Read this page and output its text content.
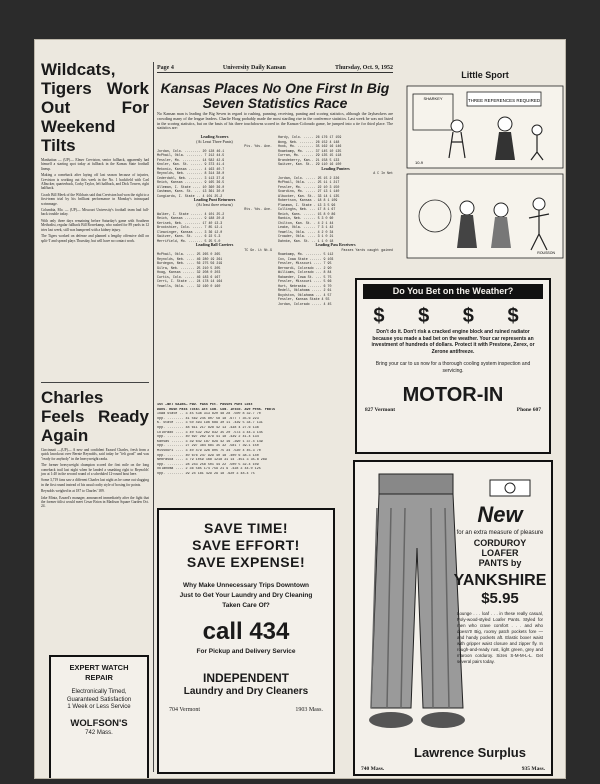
Page 4	University Daily Kansan	Thursday, Oct. 9, 1952
Wildcats, Tigers Work Out For Weekend Tilts

Manhattan — (UP)— Elmer Creviston, senior fullback, apparently had himself a starting spot today at fullback in the Kansas State football lineup.

Making a comeback after laying off last season because of injuries, Creviston is working out this week in the No. 1 backfield with Carl Albucker, quarterback, Corky Taylor, left halfback, and Dick Towers, right halfback.

Coach Bill Meek of the Wildcats said that Creviston had won the right to a first-team trial by his brilliant performance in Monday's intrasquad scrimmage.

Columbia, Mo. — (UP)— Missouri University's football team had full-back trouble today.

With only three days remaining before Saturday's game with Southern Methodist, regular fullback Bill Rowekamp, who rushed for 89 yards in 12 tries last week, still was hampered with a kidney injury.

The Tigers worked on defense and planned a lengthy offensive drill on split-T and spread plays Thursday, but will have no contact work.

Charles Feels Ready Again

Cincinnati —(UP)— A new and confident Ezzard Charles, fresh from a quick knockout over Bernie Reynolds, said today he "felt good" and was "ready for anybody" in the heavyweight ranks.

The former heavyweight champion scored the first mile on the long comeback trail last night when he landed a smashing right to Reynolds' jaw at 1:40 in the second round of a scheduled 12-round bout here.

Some 3,719 fans saw a different Charles last night as he came out slugging in the first round instead of his usual crafty style of boxing for points.

Reynolds weighed in at 187 to Charles' 189.

Jake Mintz, Ezzard's manager, announced immediately after the fight that the former titlist would meet Cesar Brion in Madison Square Garden Oct. 24.

EXPERT WATCH
REPAIR
Electronically Timed,
Guaranteed Satisfaction
1 Week or Less Service
WOLFSON'S
742 Mass.
Kansas Places No One First In Big Seven Statistics Race
No Kansan man is leading the Big Seven in regard to rushing, punning, receiving, punting and scoring statistics, although the Jayhawkers are crowding many of the league leaders. Charlie Hoag probably made the most startling rise in the conference statistics. Last week he was not listed in the scoring statistics, but on the basis of his three touchdowns scored in the Kansas-Colorado game, he jumped into a tie for third place. The statistics are:
Leading Scorers
(At Least Three Punts)
Pts. Yds. Ave.
Jordan, Colo. ........ 20 128 46.1
McPhail, Okla. ........ 7 212 44.5
Fessler, Mo. ......... 14 582 42.9
Knoler, Kan. St. ...... 9 373 41.4
Mekonic, Kansas ....... 4 163 40.7
Reynolds, Neb. ........ 8 314 38.0
Cederdahl, Neb. ....... 3 113 37.6
Reich, Kansas ......... 9 165 36.5
Alleman, I. State .... 10 360 36.0
Cashman, Kans. St. ... 13 361 30.0
Cungiardo, I. State .. 4 101 25.2
Leading Punt Returners
(At least three returns)
Rts. Yds. Ave.
Walker, I. State ...... 4 101 25.2
Reich, Kansas ......... 9 188 20.8
Kerisek, Neb. ........ 17 40 13.3
Brookshier, Colo. ..... 7 85 12.1
Cleavinger, Kansas .... 3 36 12.0
Switzer, Kans. St. .... 6 22 5.3
Merrifield, Mo. ....... 5 25 5.0
Leading Ball Carriers
TC Gn. Lt Nt.G
McPhail, Okla. .... 25 265 0 265
Reynolds, Neb. .... 46 280 19 261
Burdegon, Neb. .... 56 275 56 219
Gilra, Neb. ....... 25 210 5 205
Hoag, Kansas ...... 32 208 0 203
Curtis, Colo. ..... 46 183 6 167
Cerri, I. State ... 24 178 14 164
Yewells, Okla. .... 32 160 0 160
Hardy, Colo. ..... 26 176 17 159
Wong, Neb. ....... 26 152 4 148
Hook, Mo. ........ 35 162 16 146
Rowekamp, Mo. .... 37 145 10 135
Curran, Mo. ...... 29 135 15 118
Brandeberry, Kan.. 21 158 5 133
Switzer, Kan. St.. 29 110 16 100
Leading Punters
A C In Net
Jordan, Colo. ..... 25 15 2 226
McPhail, Okla. .... 25 11 1 217
Fessler, Mo. ...... 22 10 3 150
Scardino, Mo. ..... 27 13 1 140
Albucker, Kan. St.. 33 14 1 135
Robertson, Kansas . 18 8 1 109
Plasman, I. State . 13 3 5 96
Cullinghs, Neb. ... 17 8 1 67
Reich, Kans. ...... 15 8 0 86
Rankin, Neb. ...... 5 3 0 60
Chilton, Kan. St. . 4 2 1 44
Leake, Okla. ...... 7 3 1 42
Yewells, Okla. .... 4 2 0 34
Crowder, Okla. .... 3 1 0 21
Dahnke, Kan. St. .. 1 1 0 18
Leading Pass Receivers
Passes Yards caught gained
Rowekamp, Mo. ........ 5 112
Cox, Iowa State ...... 9 103
Fessler, Missouri .... 7 95
Bernardi, Colorado ... 2 90
Williams, Colorado ... 8 84
Rakweder, Iowa St. ... 5 75
Fessler, Missouri .... 5 66
Hurt, Nebraska ....... 6 70
Redell, Oklahoma ..... 2 61
Boydston, Oklahoma ... 4 57
Fessler, Kansas State 4 55
Jordan, Colorado ..... 4 45
1st —NET GAINS— FWD. PASS Pct. Passes Punt Lost
Dwns. Rush Pass Total Att Com. Com. Intcd. Ave Pens. Fmbls
Iowa State .. 3 45 536 313 820 48 28 .500 8 32.7 70
Opp. ........ 41 562 245 807 58 18 .677 7 35.6 223
K. State .... 3 50 493 196 689 30 11 .439 5 34.7 131
Opp. ........ 48 611 217 828 42 13 .438 4 27.6 136
Colorado .... 3 40 532 262 832 35 20 .573 3 44.3 145
Opp. ........ 40 697 282 979 41 18 .439 2 41.4 134
Kansas ...... 3 39 642 187 829 42 16 .390 1 37.4 149
Opp. ........ 27 297 384 681 35 32 .581 7 39.1 150
Missouri .... 3 40 479 326 805 75 34 .530 4 45.3 70
Opp. ........ 40 676 247 929 40 18 .400 6 38.3 140
Nebraska .... 3 79 1059 168 1218 31 14 .451 3 35.8 289
Opp. ........ 28 243 258 501 44 22 .500 5 32.4 109
Oklahoma .... 2 36 585 174 759 21 9 .428 3 44.0 125
Opp. ........ 29 24 181 429 29 18 .620 3 48.4 75
SAVE TIME!
SAVE EFFORT!
SAVE EXPENSE!
Why Make Unnecessary Trips Downtown Just to Get Your Laundry and Dry Cleaning Taken Care Of?
call 434
For Pickup and Delivery Service
INDEPENDENT
Laundry and Dry Cleaners
704 Vermont	1903 Mass.
Little Sport
THREE REFERENCES REQUIRED
SHARKEY
10-9
ROUSSON
Do You Bet on the Weather?
$ $ $ $
Don't do it. Don't risk a cracked engine block and ruined radiator because you made a bad bet on the weather. Your car represents an investment of hundreds of dollars. Protect it with Prestone, Zerex, or Zerone antifreeze.
Bring your car to us now for a thorough cooling system inspection and servicing.
MOTOR-IN
827 Vermont	Phone 607
New
for an extra measure of pleasure
CORDUROY
LOAFER
PANTS by
YANKSHIRE
$5.95
Lounge . . . loaf . . . in these really casual, Poly-wood-styled Loafer Pants. Styled for men who crave comfort . . . and who doesn't! Big, roomy patch pockets fore — and handy pockets aft. Elastic boxer waist with gripper waist closure and zipper fly. In rough-and-ready rust, light green, grey and maroon corduroy. Sizes S-M-M-L-L. Get several pairs today.
Lawrence Surplus
740 Mass.	935 Mass.
